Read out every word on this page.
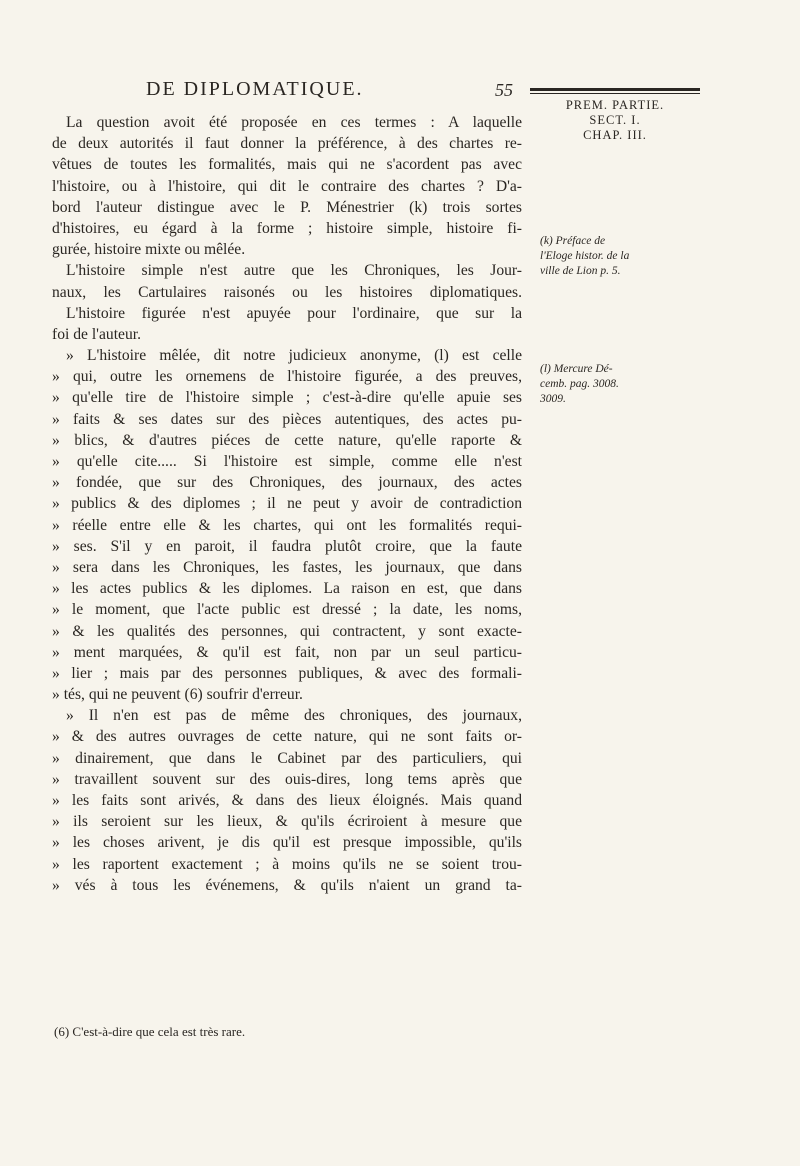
DE DIPLOMATIQUE.	55
PREM. PARTIE.
SECT. I.
CHAP. III.
(k) Préface de
l'Eloge histor. de la
ville de Lion p. 5.
(l) Mercure Dé-
cemb. pag. 3008.
3009.
La question avoit été proposée en ces termes : A laquelle
de deux autorités il faut donner la préférence, à des chartes re-
vêtues de toutes les formalités, mais qui ne s'acordent pas avec
l'histoire, ou à l'histoire, qui dit le contraire des chartes ? D'a-
bord l'auteur distingue avec le P. Ménestrier (k) trois sortes
d'histoires, eu égard à la forme ; histoire simple, histoire fi-
gurée, histoire mixte ou mêlée.
L'histoire simple n'est autre que les Chroniques, les Jour-
naux, les Cartulaires raisonés ou les histoires diplomatiques.
L'histoire figurée n'est apuyée pour l'ordinaire, que sur la
foi de l'auteur.
» L'histoire mêlée, dit notre judicieux anonyme, (l) est celle
» qui, outre les ornemens de l'histoire figurée, a des preuves,
» qu'elle tire de l'histoire simple ; c'est-à-dire qu'elle apuie ses
» faits & ses dates sur des pièces autentiques, des actes pu-
» blics, & d'autres piéces de cette nature, qu'elle raporte &
» qu'elle cite..... Si l'histoire est simple, comme elle n'est
» fondée, que sur des Chroniques, des journaux, des actes
» publics & des diplomes ; il ne peut y avoir de contradiction
» réelle entre elle & les chartes, qui ont les formalités requi-
» ses. S'il y en paroit, il faudra plutôt croire, que la faute
» sera dans les Chroniques, les fastes, les journaux, que dans
» les actes publics & les diplomes. La raison en est, que dans
» le moment, que l'acte public est dressé ; la date, les noms,
» & les qualités des personnes, qui contractent, y sont exacte-
» ment marquées, & qu'il est fait, non par un seul particu-
» lier ; mais par des personnes publiques, & avec des formali-
» tés, qui ne peuvent (6) soufrir d'erreur.
» Il n'en est pas de même des chroniques, des journaux,
» & des autres ouvrages de cette nature, qui ne sont faits or-
» dinairement, que dans le Cabinet par des particuliers, qui
» travaillent souvent sur des ouis-dires, long tems après que
» les faits sont arivés, & dans des lieux éloignés. Mais quand
» ils seroient sur les lieux, & qu'ils écriroient à mesure que
» les choses arivent, je dis qu'il est presque impossible, qu'ils
» les raportent exactement ; à moins qu'ils ne se soient trou-
» vés à tous les événemens, & qu'ils n'aient un grand ta-
(6) C'est-à-dire que cela est très rare.
